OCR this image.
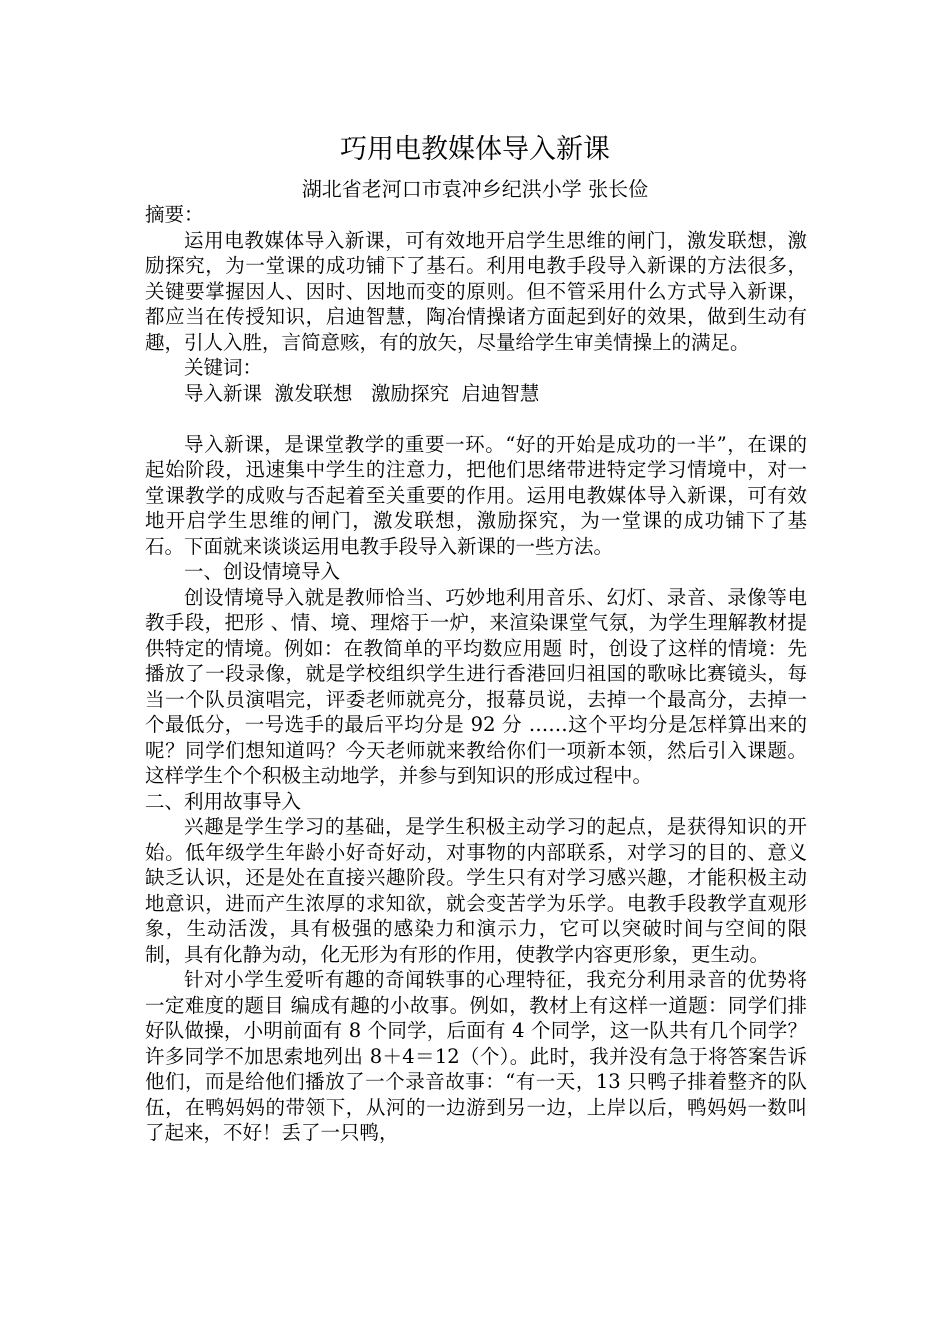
巧用电教媒体导入新课
湖北省老河口市袁冲乡纪洪小学 张长俭

摘要：

运用电教媒体导入新课，可有效地开启学生思维的闸门，激发联想，激励探究，为一堂课的成功铺下了基石。利用电教手段导入新课的方法很多，关键要掌握因人、因时、因地而变的原则。但不管采用什么方式导入新课，都应当在传授知识，启迪智慧，陶冶情操诸方面起到好的效果，做到生动有趣，引人入胜，言简意赅，有的放矢，尽量给学生审美情操上的满足。

关键词：

导入新课  激发联想   激励探究  启迪智慧

导入新课，是课堂教学的重要一环。“好的开始是成功的一半”，在课的起始阶段，迅速集中学生的注意力，把他们思绪带进特定学习情境中，对一堂课教学的成败与否起着至关重要的作用。运用电教媒体导入新课，可有效地开启学生思维的闸门，激发联想，激励探究，为一堂课的成功铺下了基石。下面就来谈谈运用电教手段导入新课的一些方法。

一、创设情境导入

创设情境导入就是教师恰当、巧妙地利用音乐、幻灯、录音、录像等电教手段，把形 、情、境、理熔于一炉，来渲染课堂气氛，为学生理解教材提供特定的情境。例如：在教简单的平均数应用题 时，创设了这样的情境：先播放了一段录像，就是学校组织学生进行香港回归祖国的歌咏比赛镜头，每当一个队员演唱完，评委老师就亮分，报幕员说，去掉一个最高分，去掉一个最低分，一号选手的最后平均分是 92 分 ……这个平均分是怎样算出来的呢？同学们想知道吗？今天老师就来教给你们一项新本领，然后引入课题。这样学生个个积极主动地学，并参与到知识的形成过程中。

二、利用故事导入

兴趣是学生学习的基础，是学生积极主动学习的起点，是获得知识的开始。低年级学生年龄小好奇好动，对事物的内部联系，对学习的目的、意义缺乏认识，还是处在直接兴趣阶段。学生只有对学习感兴趣，才能积极主动地意识，进而产生浓厚的求知欲，就会变苦学为乐学。电教手段教学直观形象，生动活泼，具有极强的感染力和演示力，它可以突破时间与空间的限制，具有化静为动，化无形为有形的作用，使教学内容更形象，更生动。

针对小学生爱听有趣的奇闻轶事的心理特征，我充分利用录音的优势将一定难度的题目 编成有趣的小故事。例如，教材上有这样一道题：同学们排好队做操，小明前面有 8 个同学，后面有 4 个同学，这一队共有几个同学？许多同学不加思索地列出 8＋4＝12（个）。此时，我并没有急于将答案告诉他们，而是给他们播放了一个录音故事：“有一天，13 只鸭子排着整齐的队伍，在鸭妈妈的带领下，从河的一边游到另一边，上岸以后，鸭妈妈一数叫了起来，不好！丢了一只鸭，
